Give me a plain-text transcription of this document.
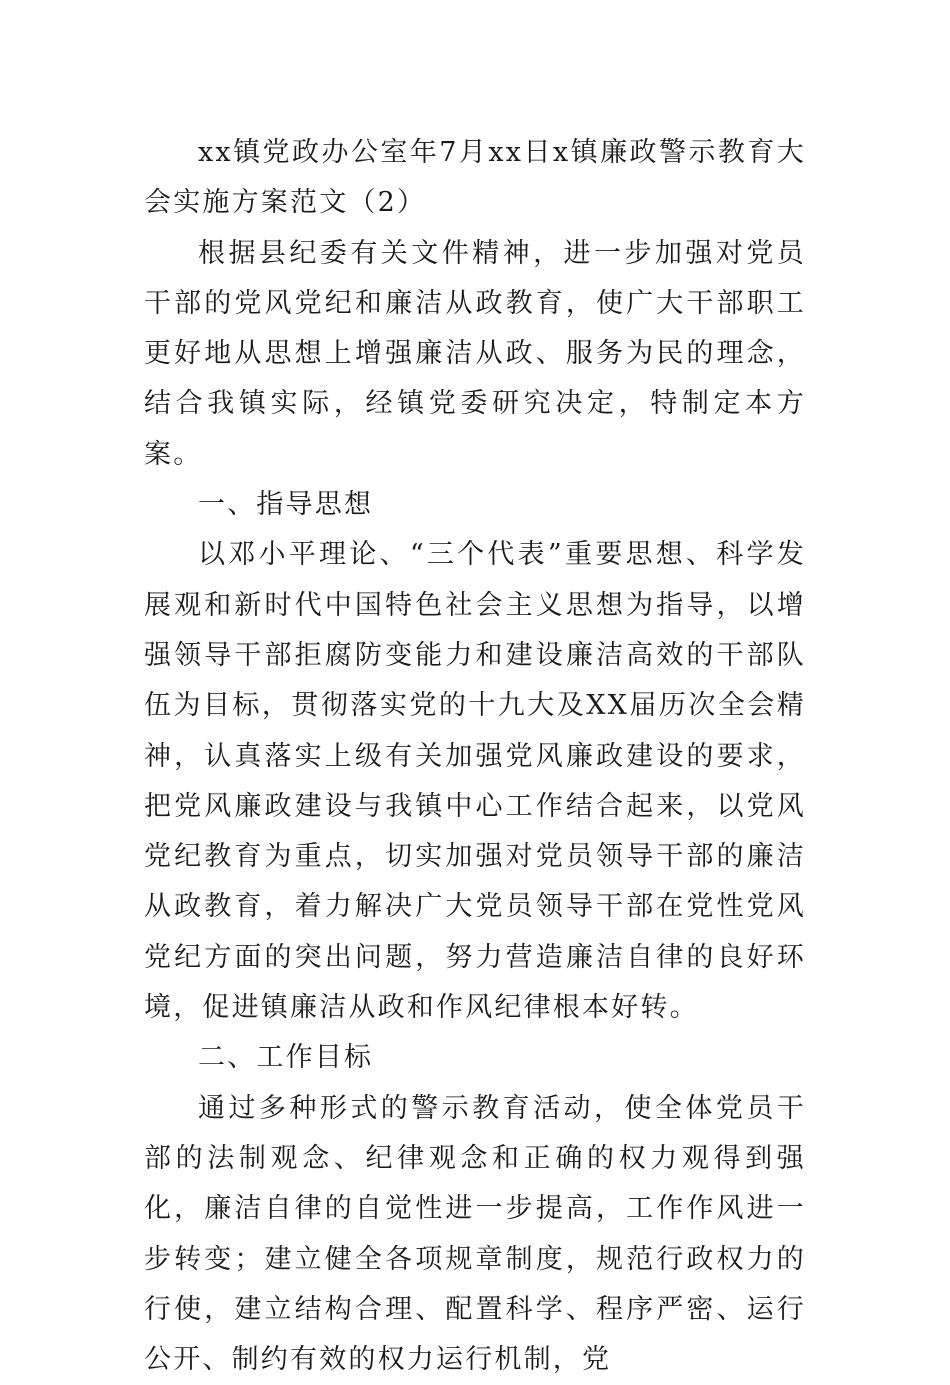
xx镇党政办公室年7月xx日x镇廉政警示教育大会实施方案范文（2）

根据县纪委有关文件精神，进一步加强对党员干部的党风党纪和廉洁从政教育，使广大干部职工更好地从思想上增强廉洁从政、服务为民的理念，结合我镇实际，经镇党委研究决定，特制定本方案。

一、指导思想

以邓小平理论、“三个代表”重要思想、科学发展观和新时代中国特色社会主义思想为指导，以增强领导干部拒腐防变能力和建设廉洁高效的干部队伍为目标，贯彻落实党的十九大及XX届历次全会精神，认真落实上级有关加强党风廉政建设的要求，把党风廉政建设与我镇中心工作结合起来，以党风党纪教育为重点，切实加强对党员领导干部的廉洁从政教育，着力解决广大党员领导干部在党性党风党纪方面的突出问题，努力营造廉洁自律的良好环境，促进镇廉洁从政和作风纪律根本好转。

二、工作目标

通过多种形式的警示教育活动，使全体党员干部的法制观念、纪律观念和正确的权力观得到强化，廉洁自律的自觉性进一步提高，工作作风进一步转变；建立健全各项规章制度，规范行政权力的行使，建立结构合理、配置科学、程序严密、运行公开、制约有效的权力运行机制，党
